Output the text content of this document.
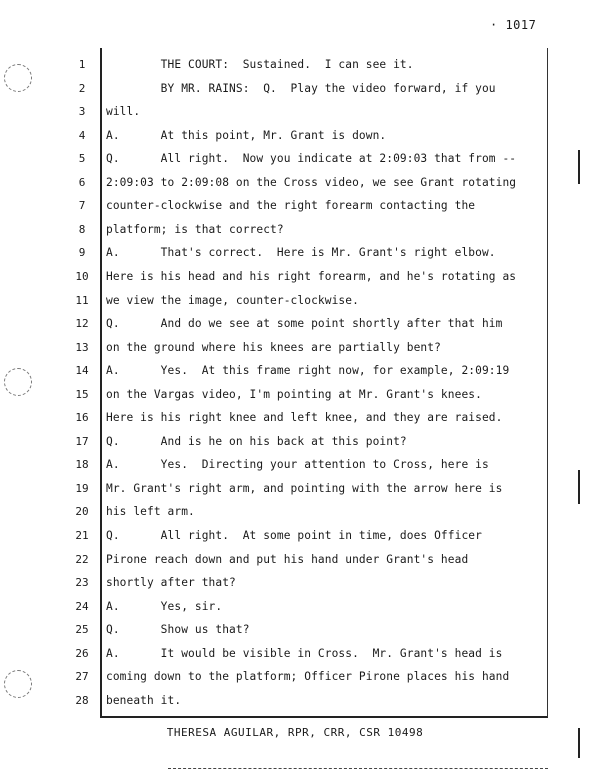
· 1017
1	THE COURT:  Sustained.  I can see it.
2	BY MR. RAINS:  Q.  Play the video forward, if you
3	will.
4	A.      At this point, Mr. Grant is down.
5	Q.      All right.  Now you indicate at 2:09:03 that from --
6	2:09:03 to 2:09:08 on the Cross video, we see Grant rotating
7	counter-clockwise and the right forearm contacting the
8	platform; is that correct?
9	A.      That's correct.  Here is Mr. Grant's right elbow.
10	Here is his head and his right forearm, and he's rotating as
11	we view the image, counter-clockwise.
12	Q.      And do we see at some point shortly after that him
13	on the ground where his knees are partially bent?
14	A.      Yes.  At this frame right now, for example, 2:09:19
15	on the Vargas video, I'm pointing at Mr. Grant's knees.
16	Here is his right knee and left knee, and they are raised.
17	Q.      And is he on his back at this point?
18	A.      Yes.  Directing your attention to Cross, here is
19	Mr. Grant's right arm, and pointing with the arrow here is
20	his left arm.
21	Q.      All right.  At some point in time, does Officer
22	Pirone reach down and put his hand under Grant's head
23	shortly after that?
24	A.      Yes, sir.
25	Q.      Show us that?
26	A.      It would be visible in Cross.  Mr. Grant's head is
27	coming down to the platform; Officer Pirone places his hand
28	beneath it.
THERESA AGUILAR, RPR, CRR, CSR 10498
